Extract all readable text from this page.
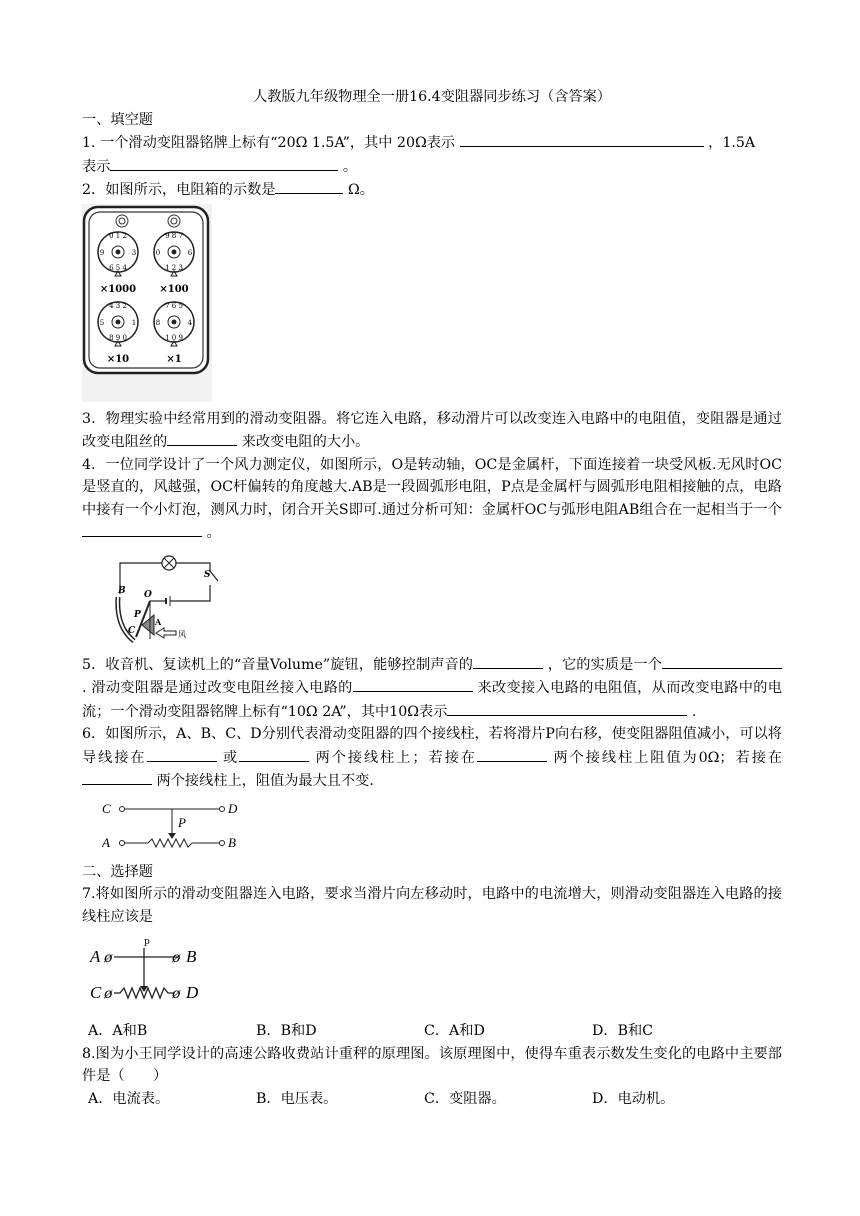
人教版九年级物理全一册16.4变阻器同步练习（含答案）
一、填空题
1. 一个滑动变阻器铭牌上标有“20Ω 1.5A”，其中 20Ω表示	，1.5A
表示	。
2．如图所示，电阻箱的示数是	Ω。
0 1 2
6 5 4
9	3
9 8 7
1 2 3
0	6
×1000 ×100
4 3 2
8 9 0
5	1
7 6 5
1 0 9
8	4
×10	×1
3．物理实验中经常用到的滑动变阻器。将它连入电路，移动滑片可以改变连入电路中的电阻值，变阻器是通过改变电阻丝的	来改变电阻的大小。
4．一位同学设计了一个风力测定仪，如图所示，O是转动轴，OC是金属杆，下面连接着一块受风板.无风时OC是竖直的，风越强，OC杆偏转的角度越大.AB是一段圆弧形电阻，P点是金属杆与圆弧形电阻相接触的点，电路中接有一个小灯泡，测风力时，闭合开关S即可.通过分析可知：金属杆OC与弧形电阻AB组合在一起相当于一个 。
B O
P
A
C
S
风
5．收音机、复读机上的“音量Volume”旋钮，能够控制声音的	，它的实质是一个 . 滑动变阻器是通过改变电阻丝接入电路的	来改变接入电路的电阻值，从而改变电路中的电流；一个滑动变阻器铭牌上标有“10Ω 2A”，其中10Ω表示	.
6．如图所示，A、B、C、D分别代表滑动变阻器的四个接线柱，若将滑片P向右移，使变阻器阻值减小，可以将导线接在	或	两个接线柱上；若接在	两个接线柱上阻值为0Ω；若接在 两个接线柱上，阻值为最大且不变.
C	D
P
A	B
二、选择题
7.将如图所示的滑动变阻器连入电路，要求当滑片向左移动时，电路中的电流增大，则滑动变阻器连入电路的接线柱应该是
p
A ø	ø B
C ø	ø D
A．A和B	B．B和D	C．A和D	D．B和C
8.图为小王同学设计的高速公路收费站计重秤的原理图。该原理图中，使得车重表示数发生变化的电路中主要部件是（　　）
A．电流表。	B．电压表。	C．变阻器。	D．电动机。
